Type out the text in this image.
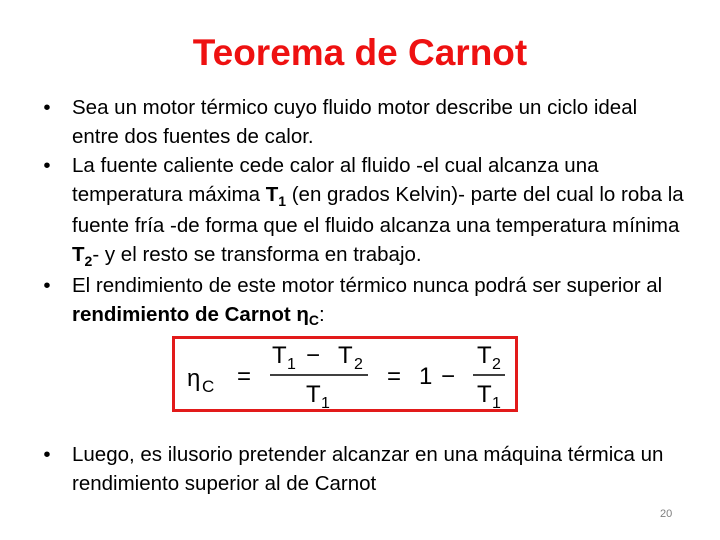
Teorema de Carnot
•	Sea un motor térmico cuyo fluido motor describe un ciclo ideal entre dos fuentes de calor.
•	La fuente caliente cede calor al fluido -el cual alcanza una temperatura máxima $T_1$ (en grados Kelvin)- parte del cual lo roba la fuente fría -de forma que el fluido alcanza una temperatura mínima $T_2-$ y el resto se transforma en trabajo.
•	El rendimiento de este motor térmico nunca podrá ser superior al rendimiento de Carnot ηC:
η C =
T 1 − T 2
T 1
= 1 −
T 2
T 1
•	Luego, es ilusorio pretender alcanzar en una máquina térmica un rendimiento superior al de Carnot
20
